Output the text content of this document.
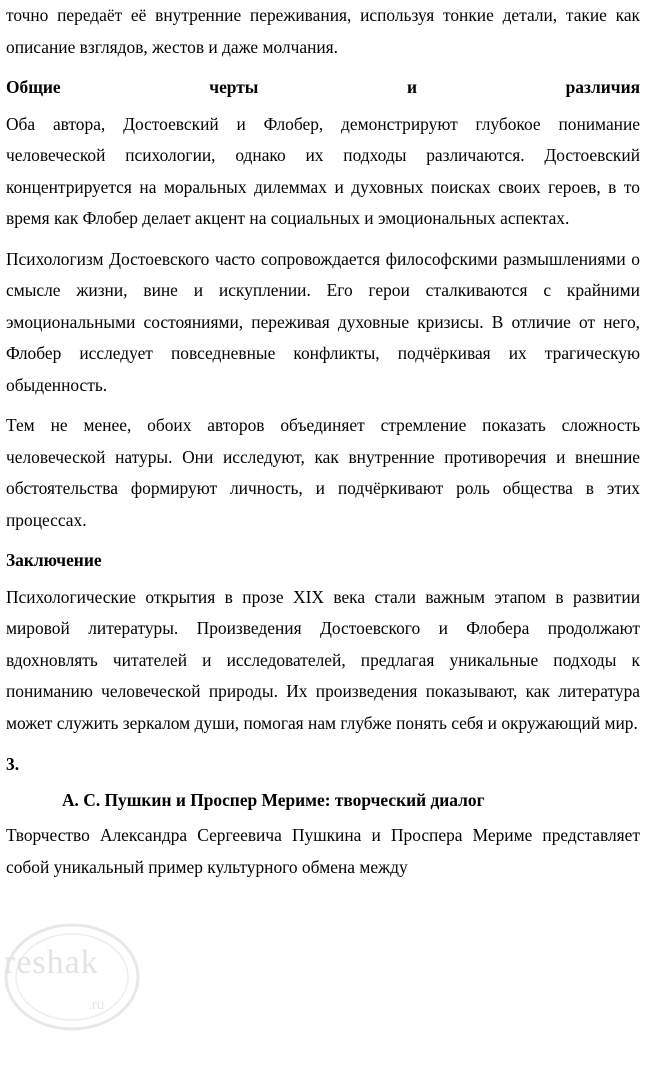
точно передаёт её внутренние переживания, используя тонкие детали, такие как описание взглядов, жестов и даже молчания.

Общие черты и различия

Оба автора, Достоевский и Флобер, демонстрируют глубокое понимание человеческой психологии, однако их подходы различаются. Достоевский концентрируется на моральных дилеммах и духовных поисках своих героев, в то время как Флобер делает акцент на социальных и эмоциональных аспектах.

Психологизм Достоевского часто сопровождается философскими размышлениями о смысле жизни, вине и искуплении. Его герои сталкиваются с крайними эмоциональными состояниями, переживая духовные кризисы. В отличие от него, Флобер исследует повседневные конфликты, подчёркивая их трагическую обыденность.

Тем не менее, обоих авторов объединяет стремление показать сложность человеческой натуры. Они исследуют, как внутренние противоречия и внешние обстоятельства формируют личность, и подчёркивают роль общества в этих процессах.

Заключение

Психологические открытия в прозе XIX века стали важным этапом в развитии мировой литературы. Произведения Достоевского и Флобера продолжают вдохновлять читателей и исследователей, предлагая уникальные подходы к пониманию человеческой природы. Их произведения показывают, как литература может служить зеркалом души, помогая нам глубже понять себя и окружающий мир.

3.

А. С. Пушкин и Проспер Мериме: творческий диалог

Творчество Александра Сергеевича Пушкина и Проспера Мериме представляет собой уникальный пример культурного обмена между

reshak
.ru
